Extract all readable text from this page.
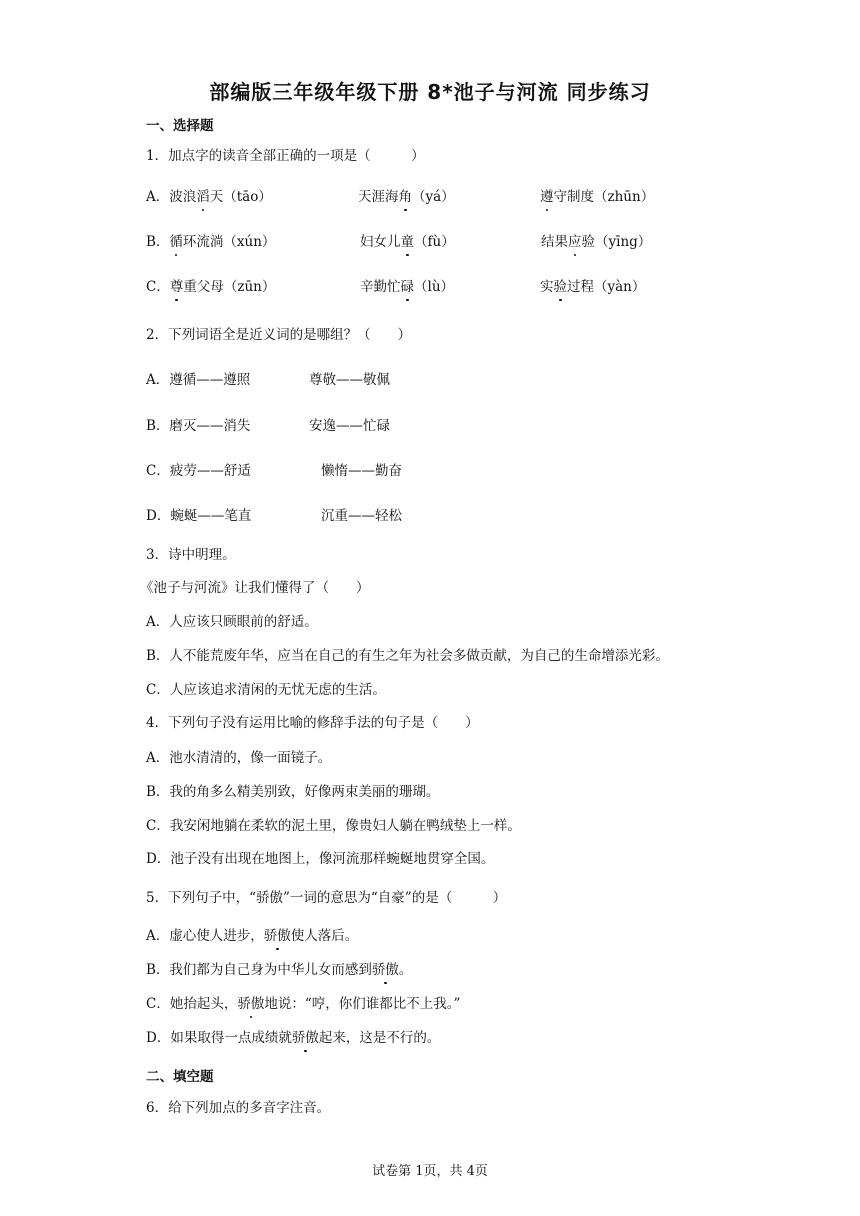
部编版三年级年级下册 8*池子与河流 同步练习
一、选择题
1．加点字的读音全部正确的一项是（　　　）
A．波浪滔天（tāo）	天涯海角（yá）	遵守制度（zhūn）
B．循环流淌（xún）	妇女儿童（fù）	结果应验（yīng）
C．尊重父母（zūn）	辛勤忙碌（lù）	实验过程（yàn）
2．下列词语全是近义词的是哪组？（　　）
A．遵循——遵照	尊敬——敬佩
B．磨灭——消失	安逸——忙碌
C．疲劳——舒适	懒惰——勤奋
D．蜿蜒——笔直	沉重——轻松
3．诗中明理。
《池子与河流》让我们懂得了（　　）
A．人应该只顾眼前的舒适。
B．人不能荒废年华，应当在自己的有生之年为社会多做贡献，为自己的生命增添光彩。
C．人应该追求清闲的无忧无虑的生活。
4．下列句子没有运用比喻的修辞手法的句子是（　　）
A．池水清清的，像一面镜子。
B．我的角多么精美别致，好像两束美丽的珊瑚。
C．我安闲地躺在柔软的泥土里，像贵妇人躺在鸭绒垫上一样。
D．池子没有出现在地图上，像河流那样蜿蜒地贯穿全国。
5．下列句子中，“骄傲”一词的意思为“自豪”的是（　　　）
A．虚心使人进步，骄傲使人落后。
B．我们都为自己身为中华儿女而感到骄傲。
C．她抬起头，骄傲地说：“哼，你们谁都比不上我。”
D．如果取得一点成绩就骄傲起来，这是不行的。
二、填空题
6．给下列加点的多音字注音。
试卷第 1页，共 4页
